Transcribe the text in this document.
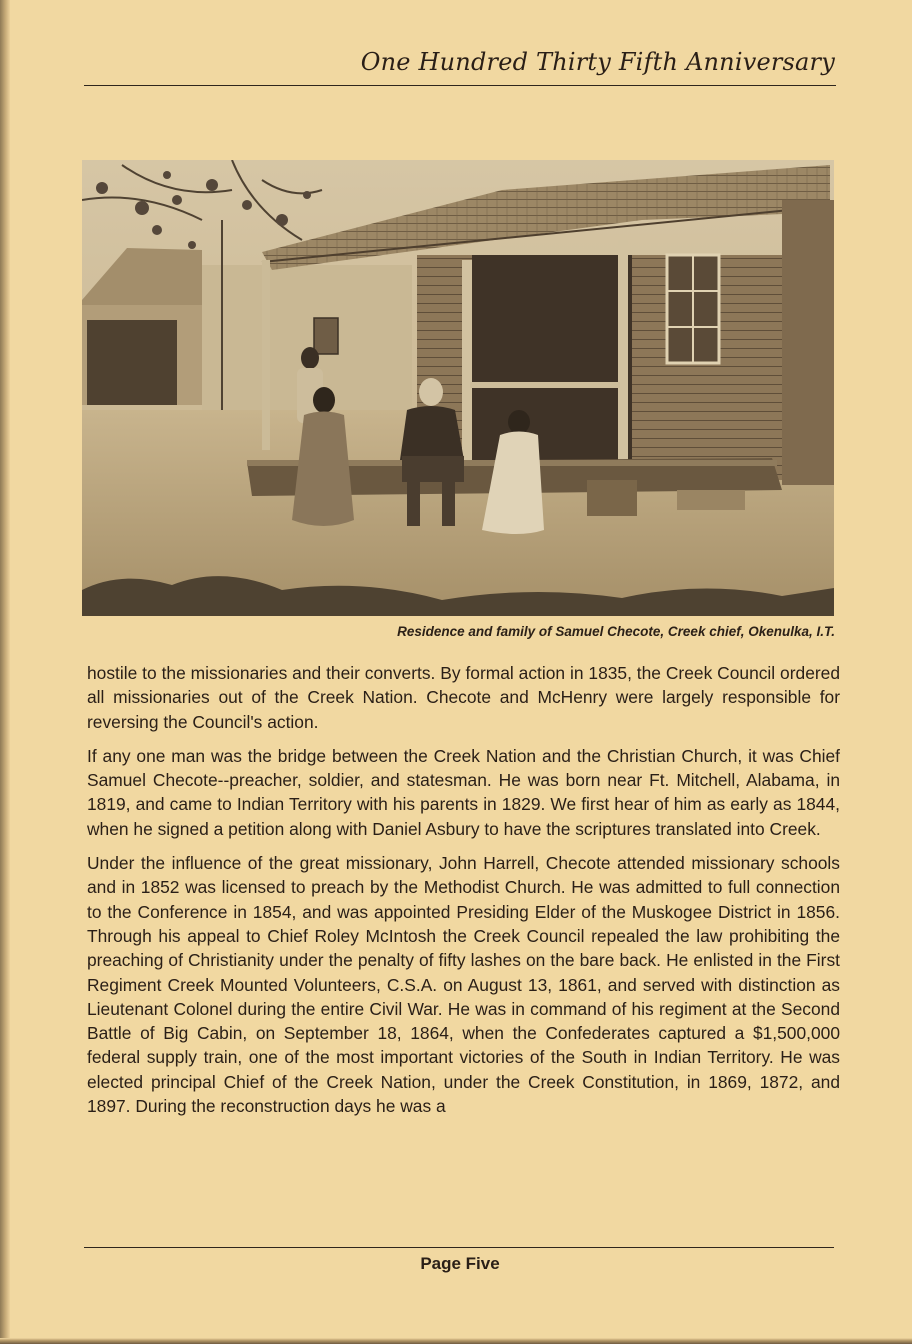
One Hundred Thirty Fifth Anniversary
Residence and family of Samuel Checote, Creek chief, Okenulka, I.T.

hostile to the missionaries and their converts. By formal action in 1835, the Creek Council ordered all missionaries out of the Creek Nation. Checote and McHenry were largely responsible for reversing the Council's action.

If any one man was the bridge between the Creek Nation and the Christian Church, it was Chief Samuel Checote--preacher, soldier, and statesman. He was born near Ft. Mitchell, Alabama, in 1819, and came to Indian Territory with his parents in 1829. We first hear of him as early as 1844, when he signed a petition along with Daniel Asbury to have the scriptures translated into Creek.

Under the influence of the great missionary, John Harrell, Checote attended missionary schools and in 1852 was licensed to preach by the Methodist Church. He was admitted to full connection to the Conference in 1854, and was appointed Presiding Elder of the Muskogee District in 1856. Through his appeal to Chief Roley McIntosh the Creek Council repealed the law prohibiting the preaching of Christianity under the penalty of fifty lashes on the bare back. He enlisted in the First Regiment Creek Mounted Volunteers, C.S.A. on August 13, 1861, and served with distinction as Lieutenant Colonel during the entire Civil War. He was in command of his regiment at the Second Battle of Big Cabin, on September 18, 1864, when the Confederates captured a $1,500,000 federal supply train, one of the most important victories of the South in Indian Territory. He was elected principal Chief of the Creek Nation, under the Creek Constitution, in 1869, 1872, and 1897. During the reconstruction days he was a

Page Five
